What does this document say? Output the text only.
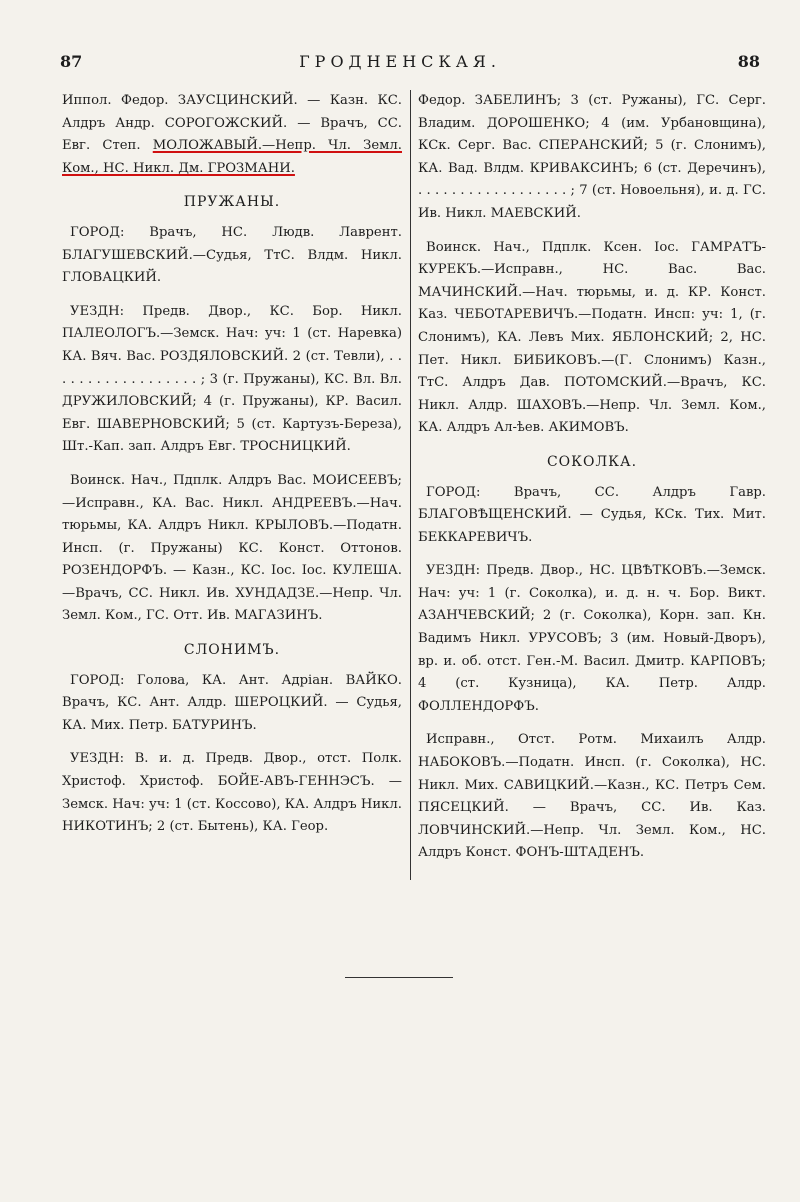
87	ГРОДНЕНСКАЯ.	88

Иппол. Федор. ЗАУСЦИНСКИЙ. — Казн. КС. Алдръ Андр. СОРОГОЖСКИЙ. — Врачъ, СС. Евг. Степ. МОЛОЖАВЫЙ.—Непр. Чл. Земл. Ком., НС. Никл. Дм. ГРОЗМАНИ.

ПРУЖАНЫ.

ГОРОД: Врачъ, НС. Людв. Лаврент. БЛАГУШЕВСКИЙ.—Судья, ТтС. Влдм. Никл. ГЛОВАЦКИЙ.

УЕЗДН: Предв. Двор., КС. Бор. Никл. ПАЛЕОЛОГЪ.—Земск. Нач: уч: 1 (ст. Наревка) КА. Вяч. Вас. РОЗДЯЛОВСКИЙ. 2 (ст. Тевли), . . . . . . . . . . . . . . . . . . ; 3 (г. Пружаны), КС. Вл. Вл. ДРУЖИЛОВСКИЙ; 4 (г. Пружаны), КР. Васил. Евг. ШАВЕРНОВСКИЙ; 5 (ст. Картузъ-Береза), Шт.-Кап. зап. Алдръ Евг. ТРОСНИЦКИЙ.

Воинск. Нач., Пдплк. Алдръ Вас. МОИСЕЕВЪ;—Исправн., КА. Вас. Никл. АНДРЕЕВЪ.—Нач. тюрьмы, КА. Алдръ Никл. КРЫЛОВЪ.—Податн. Инсп. (г. Пружаны) КС. Конст. Оттонов. РОЗЕНДОРФЪ. — Казн., КС. Іос. Іос. КУЛЕША.—Врачъ, СС. Никл. Ив. ХУНДАДЗЕ.—Непр. Чл. Земл. Ком., ГС. Отт. Ив. МАГАЗИНЪ.

СЛОНИМЪ.

ГОРОД: Голова, КА. Ант. Адріан. ВАЙКО. Врачъ, КС. Ант. Алдр. ШЕРОЦКИЙ. — Судья, КА. Мих. Петр. БАТУРИНЪ.

УЕЗДН: В. и. д. Предв. Двор., отст. Полк. Христоф. Христоф. БОЙЕ-АВЪ-ГЕННЭСЪ. — Земск. Нач: уч: 1 (ст. Коссово), КА. Алдръ Никл. НИКОТИНЪ; 2 (ст. Бытень), КА. Геор.

Федор. ЗАБЕЛИНЪ; 3 (ст. Ружаны), ГС. Серг. Владим. ДОРОШЕНКО; 4 (им. Урбановщина), КСк. Серг. Вас. СПЕРАНСКИЙ; 5 (г. Слонимъ), КА. Вад. Влдм. КРИВАКСИНЪ; 6 (ст. Деречинъ), . . . . . . . . . . . . . . . . . . ; 7 (ст. Новоельня), и. д. ГС. Ив. Никл. МАЕВСКИЙ.

Воинск. Нач., Пдплк. Ксен. Іос. ГАМРАТЪ-КУРЕКЪ.—Исправн., НС. Вас. Вас. МАЧИНСКИЙ.—Нач. тюрьмы, и. д. КР. Конст. Каз. ЧЕБОТАРЕВИЧЪ.—Податн. Инсп: уч: 1, (г. Слонимъ), КА. Левъ Мих. ЯБЛОНСКИЙ; 2, НС. Пет. Никл. БИБИКОВЪ.—(Г. Слонимъ) Казн., ТтС. Алдръ Дав. ПОТОМСКИЙ.—Врачъ, КС. Никл. Алдр. ШАХОВЪ.—Непр. Чл. Земл. Ком., КА. Алдръ Ал-ѣев. АКИМОВЪ.

СОКОЛКА.

ГОРОД: Врачъ, СС. Алдръ Гавр. БЛАГОВѢЩЕНСКИЙ. — Судья, КСк. Тих. Мит. БЕККАРЕВИЧЪ.

УЕЗДН: Предв. Двор., НС. ЦВѢТКОВЪ.—Земск. Нач: уч: 1 (г. Соколка), и. д. н. ч. Бор. Викт. АЗАНЧЕВСКИЙ; 2 (г. Соколка), Корн. зап. Кн. Вадимъ Никл. УРУСОВЪ; 3 (им. Новый-Дворъ), вр. и. об. отст. Ген.-М. Васил. Дмитр. КАРПОВЪ; 4 (ст. Кузница), КА. Петр. Алдр. ФОЛЛЕНДОРФЪ.

Исправн., Отст. Ротм. Михаилъ Алдр. НАБОКОВЪ.—Податн. Инсп. (г. Соколка), НС. Никл. Мих. САВИЦКИЙ.—Казн., КС. Петръ Сем. ПЯСЕЦКИЙ. — Врачъ, СС. Ив. Каз. ЛОВЧИНСКИЙ.—Непр. Чл. Земл. Ком., НС. Алдръ Конст. ФОНЪ-ШТАДЕНЪ.
